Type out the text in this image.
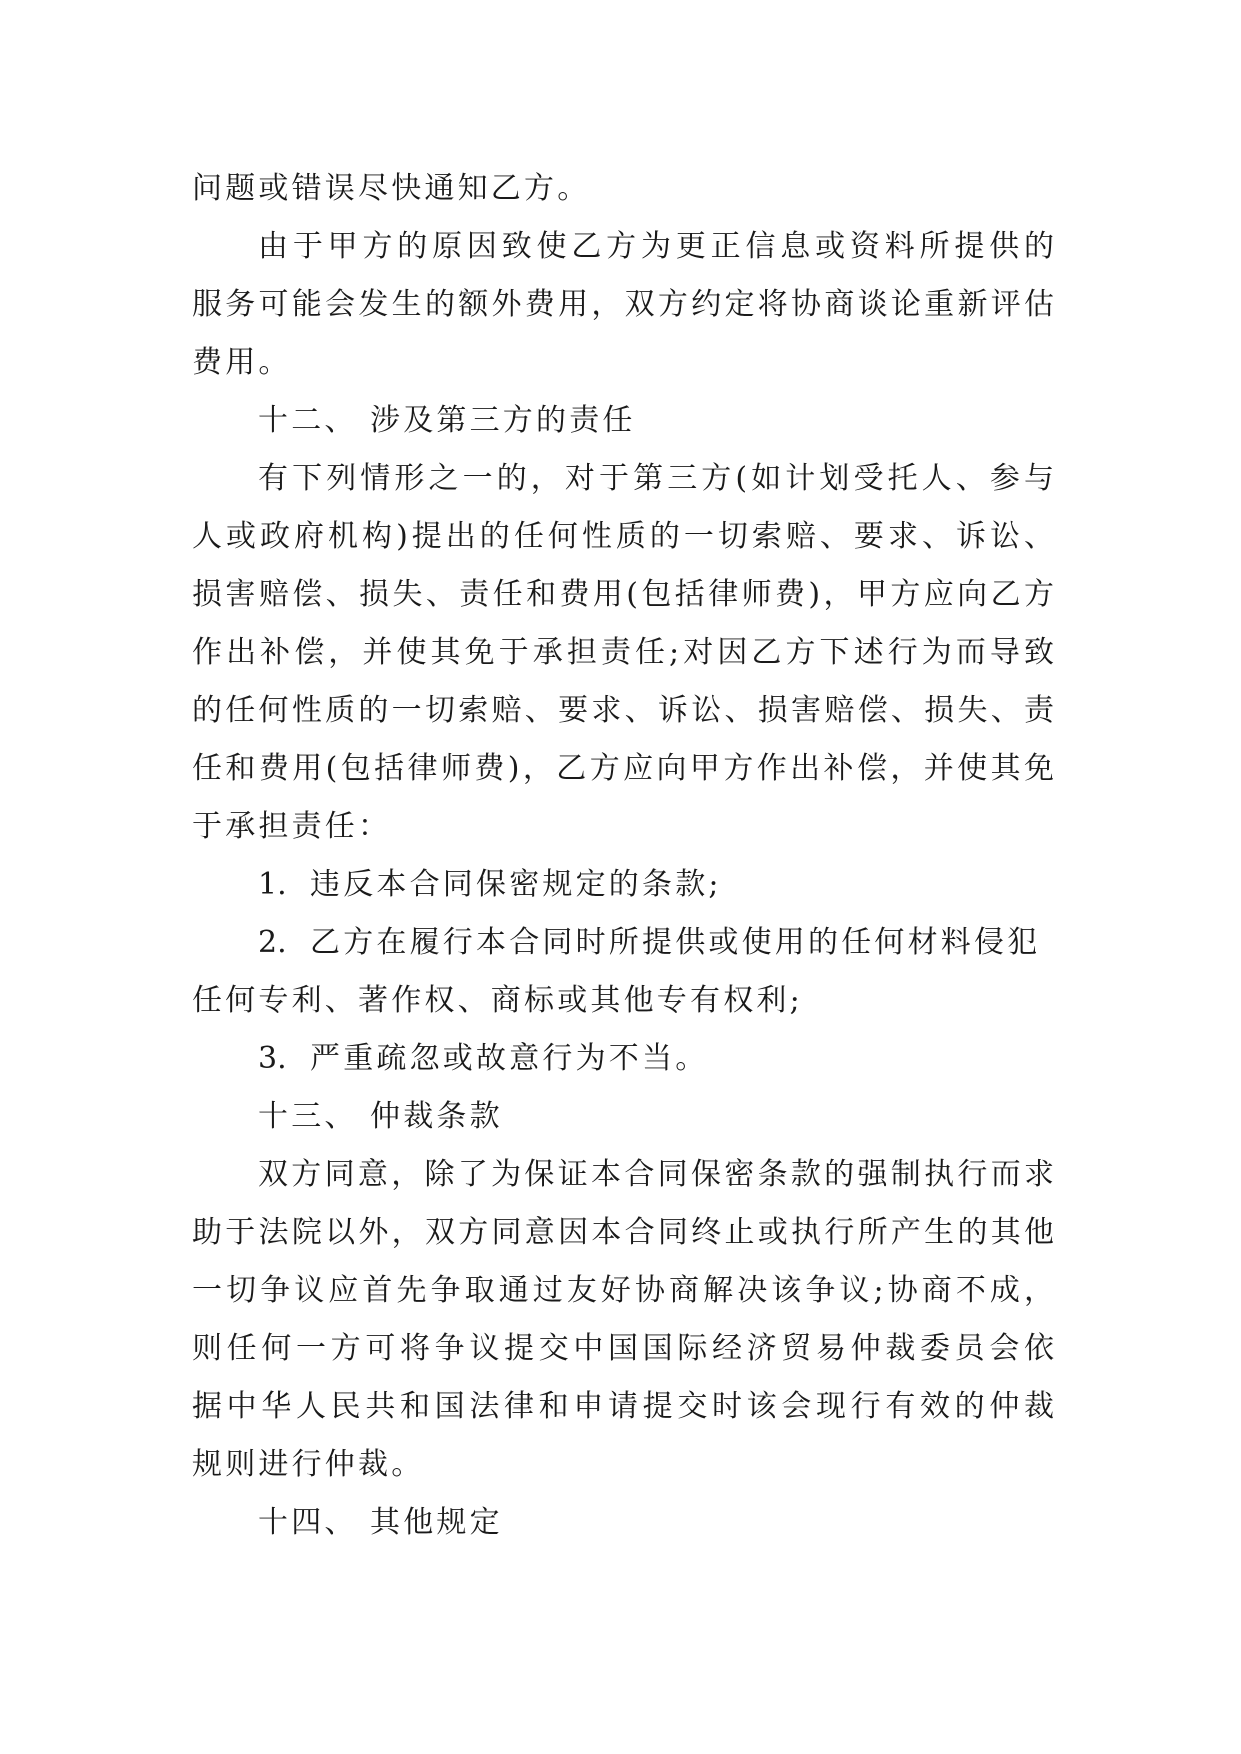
问题或错误尽快通知乙方。
由于甲方的原因致使乙方为更正信息或资料所提供的
服务可能会发生的额外费用，双方约定将协商谈论重新评估
费用。
十二、 涉及第三方的责任
有下列情形之一的，对于第三方(如计划受托人、参与
人或政府机构)提出的任何性质的一切索赔、要求、诉讼、
损害赔偿、损失、责任和费用(包括律师费)，甲方应向乙方
作出补偿，并使其免于承担责任;对因乙方下述行为而导致
的任何性质的一切索赔、要求、诉讼、损害赔偿、损失、责
任和费用(包括律师费)，乙方应向甲方作出补偿，并使其免
于承担责任：
1. 违反本合同保密规定的条款;
2. 乙方在履行本合同时所提供或使用的任何材料侵犯
任何专利、著作权、商标或其他专有权利;
3. 严重疏忽或故意行为不当。
十三、 仲裁条款
双方同意，除了为保证本合同保密条款的强制执行而求
助于法院以外，双方同意因本合同终止或执行所产生的其他
一切争议应首先争取通过友好协商解决该争议;协商不成，
则任何一方可将争议提交中国国际经济贸易仲裁委员会依
据中华人民共和国法律和申请提交时该会现行有效的仲裁
规则进行仲裁。
十四、 其他规定
